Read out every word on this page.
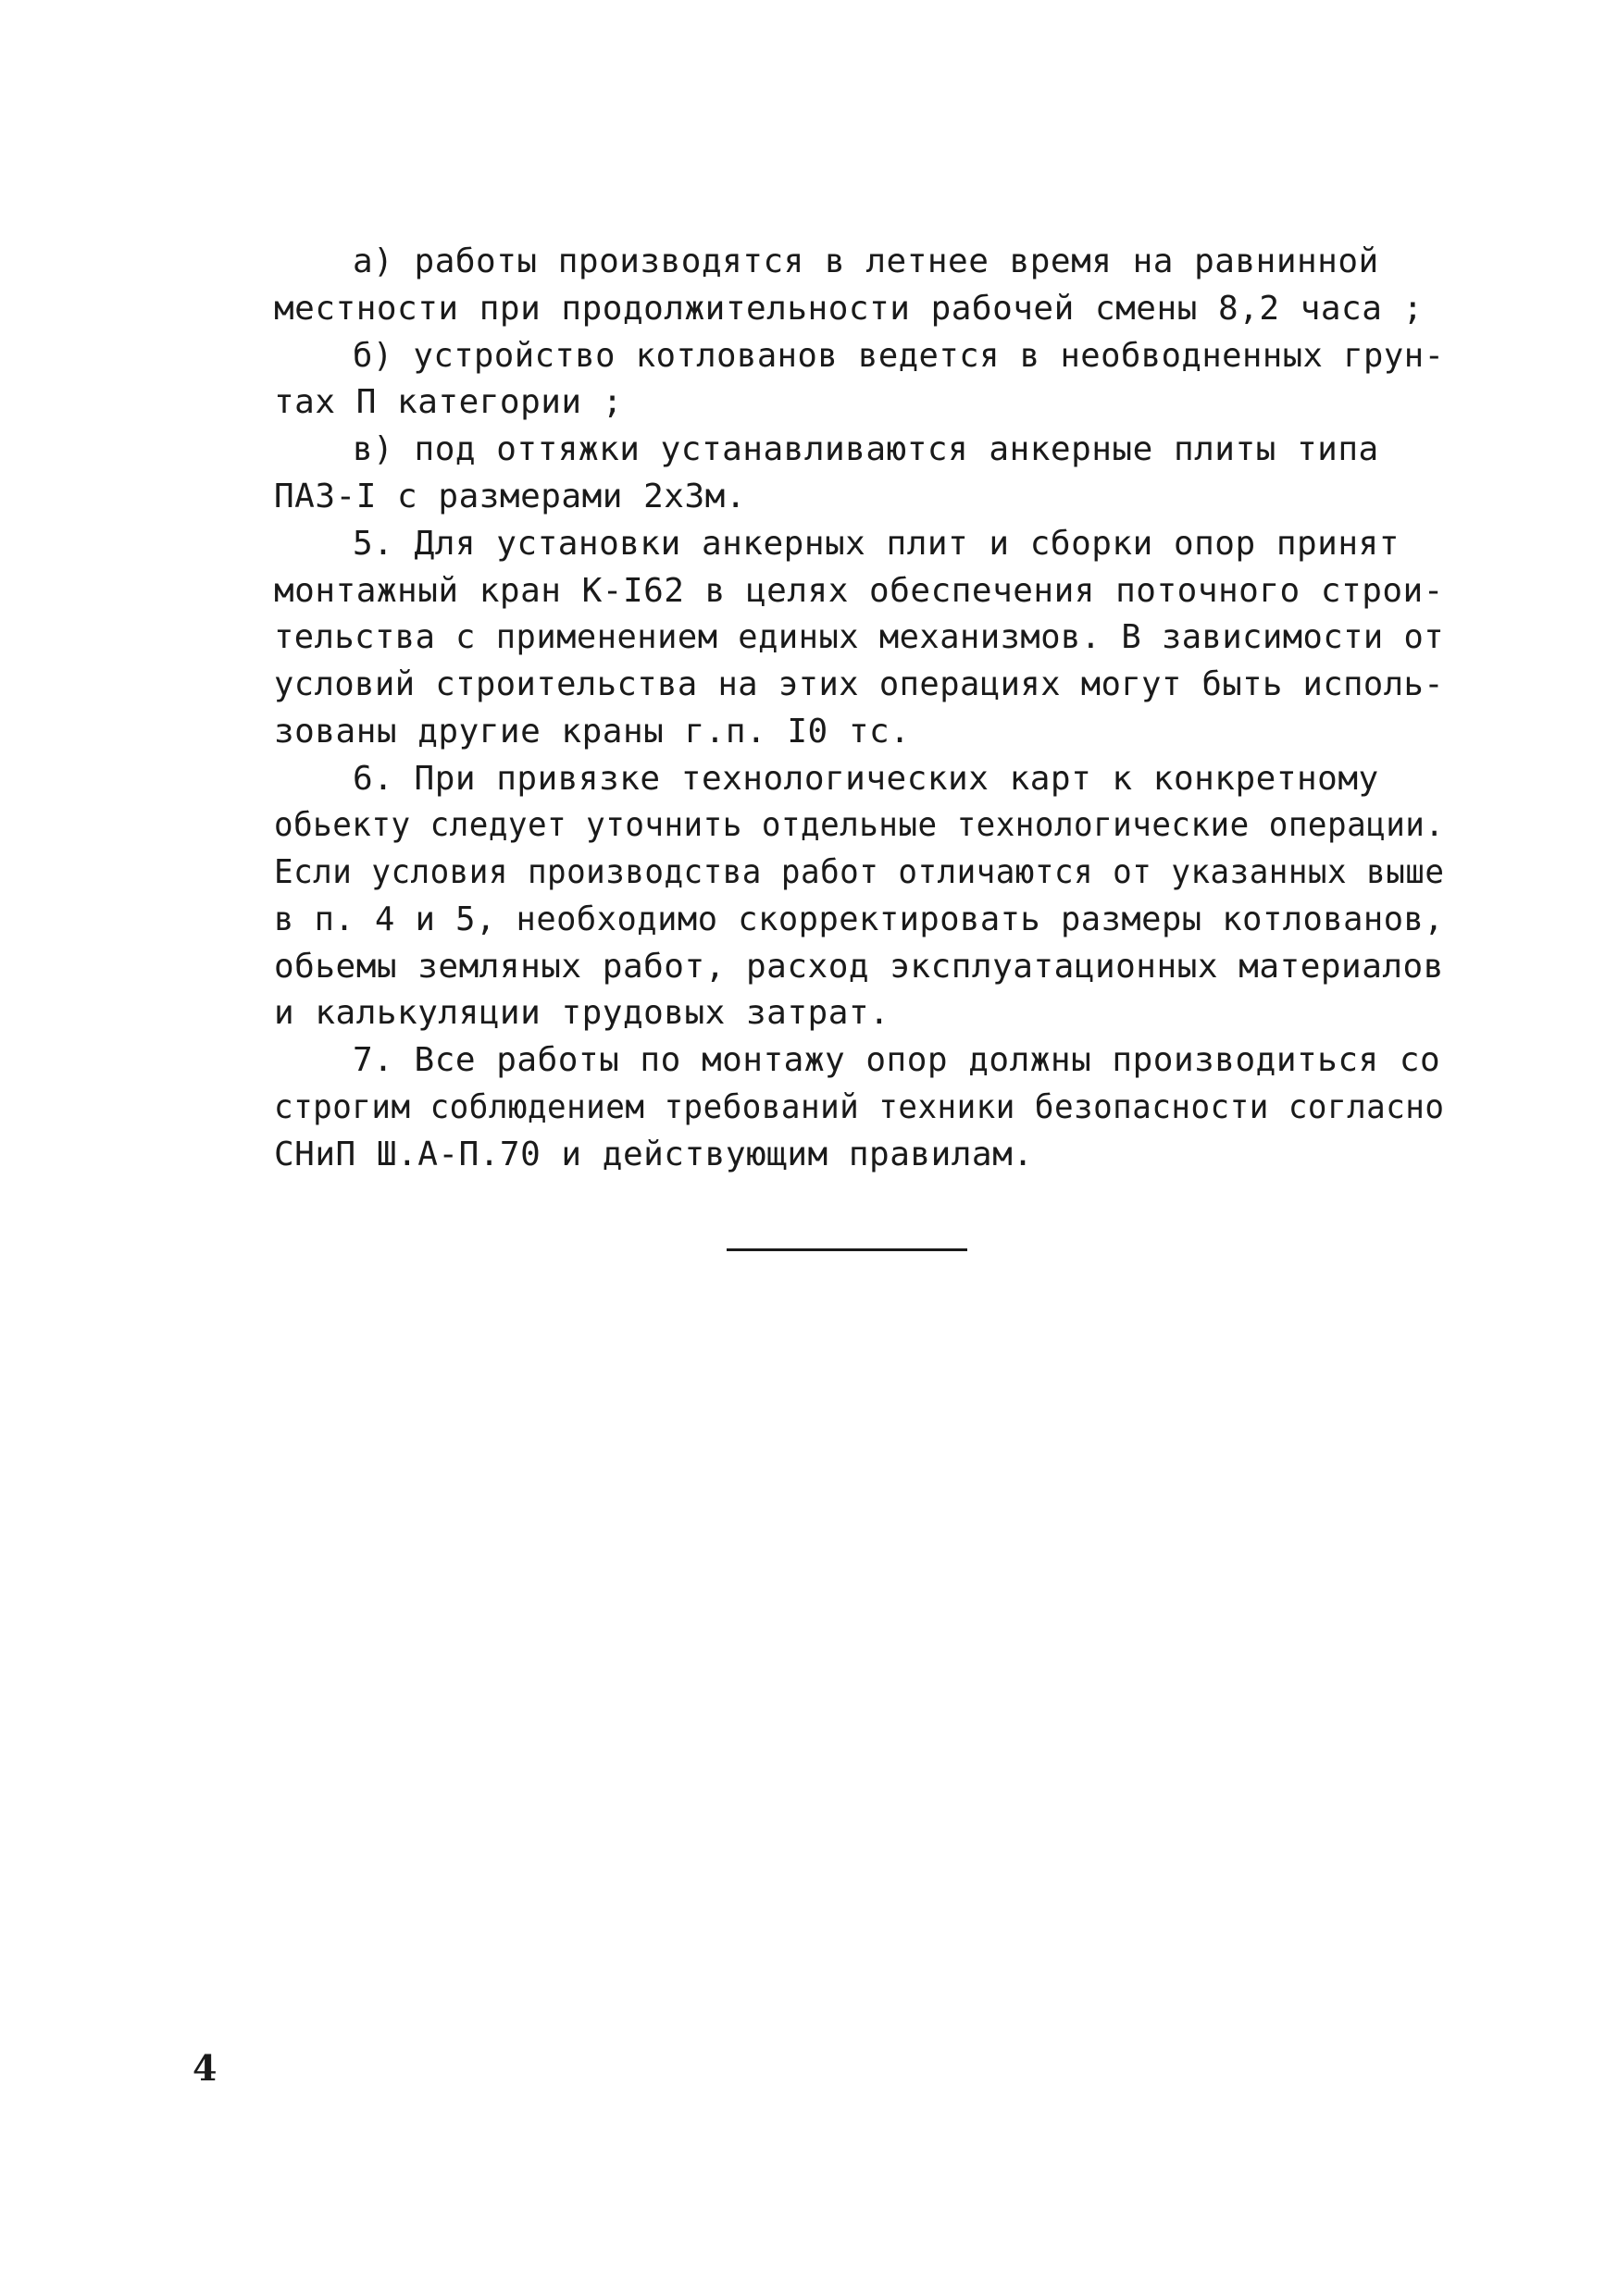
а) работы производятся в летнее время на равнинной
местности при продолжительности рабочей смены 8,2 часа ;
б) устройство котлованов ведется в необводненных грун-
тах П категории ;
в) под оттяжки устанавливаются анкерные плиты типа
ПАЗ-I с размерами 2х3м.
5. Для установки анкерных плит и сборки опор принят
монтажный кран К-I62 в целях обеспечения поточного строи-
тельства с применением единых механизмов. В зависимости от
условий строительства на этих операциях могут быть исполь-
зованы другие краны г.п. I0 тс.
6. При привязке технологических карт к конкретному
обьекту следует уточнить отдельные технологические операции.
Если условия производства работ отличаются от указанных выше
в п. 4 и 5, необходимо скорректировать размеры котлованов,
обьемы земляных работ, расход эксплуатационных материалов
и калькуляции трудовых затрат.
7. Все работы по монтажу опор должны производиться со
строгим соблюдением требований техники безопасности согласно
СНиП Ш.А-П.70 и действующим правилам.
4
